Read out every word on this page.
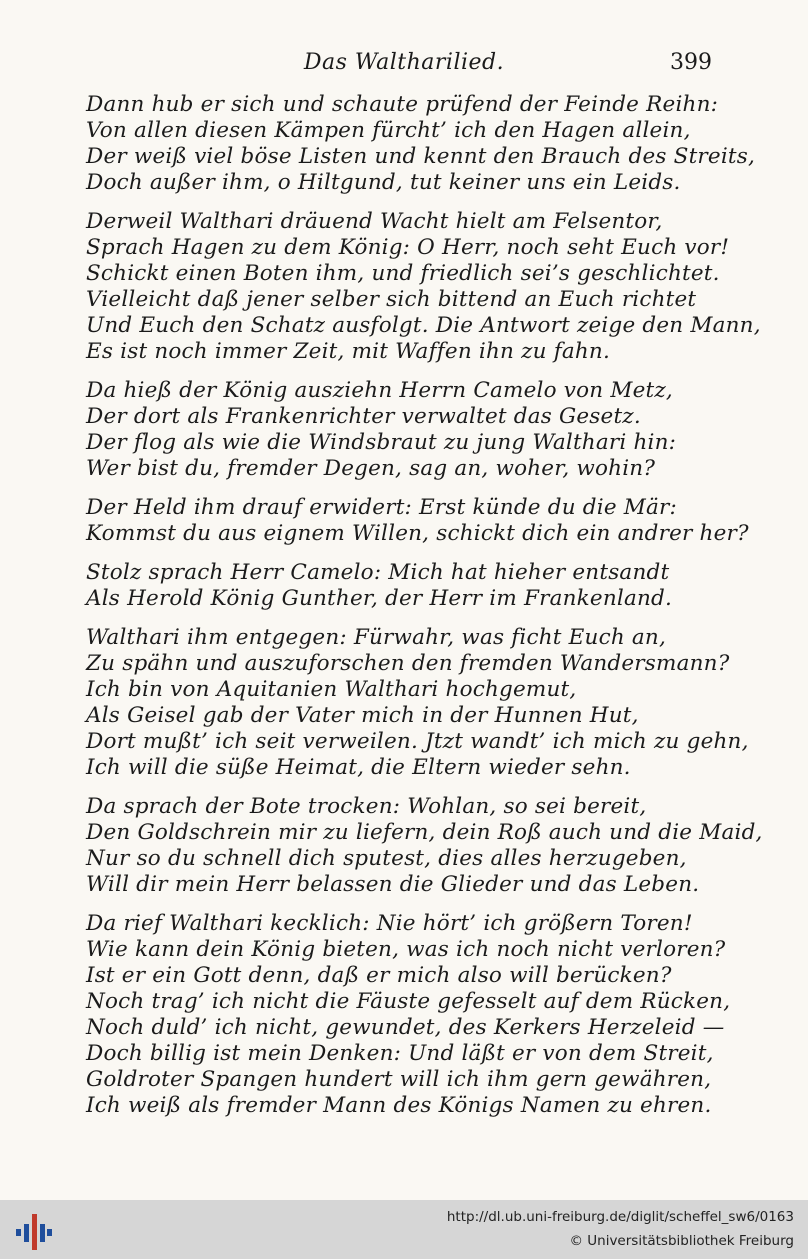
Das Waltharilied.	399
Dann hub er sich und schaute prüfend der Feinde Reihn:
Von allen diesen Kämpen fürcht’ ich den Hagen allein,
Der weiß viel böse Listen und kennt den Brauch des Streits,
Doch außer ihm, o Hiltgund, tut keiner uns ein Leids.
Derweil Walthari dräuend Wacht hielt am Felsentor,
Sprach Hagen zu dem König: O Herr, noch seht Euch vor!
Schickt einen Boten ihm, und friedlich sei’s geschlichtet.
Vielleicht daß jener selber sich bittend an Euch richtet
Und Euch den Schatz ausfolgt. Die Antwort zeige den Mann,
Es ist noch immer Zeit, mit Waffen ihn zu fahn.
Da hieß der König ausziehn Herrn Camelo von Metz,
Der dort als Frankenrichter verwaltet das Gesetz.
Der flog als wie die Windsbraut zu jung Walthari hin:
Wer bist du, fremder Degen, sag an, woher, wohin?
Der Held ihm drauf erwidert: Erst künde du die Mär:
Kommst du aus eignem Willen, schickt dich ein andrer her?
Stolz sprach Herr Camelo: Mich hat hieher entsandt
Als Herold König Gunther, der Herr im Frankenland.
Walthari ihm entgegen: Fürwahr, was ficht Euch an,
Zu spähn und auszuforschen den fremden Wandersmann?
Ich bin von Aquitanien Walthari hochgemut,
Als Geisel gab der Vater mich in der Hunnen Hut,
Dort mußt’ ich seit verweilen. Jtzt wandt’ ich mich zu gehn,
Ich will die süße Heimat, die Eltern wieder sehn.
Da sprach der Bote trocken: Wohlan, so sei bereit,
Den Goldschrein mir zu liefern, dein Roß auch und die Maid,
Nur so du schnell dich sputest, dies alles herzugeben,
Will dir mein Herr belassen die Glieder und das Leben.
Da rief Walthari kecklich: Nie hört’ ich größern Toren!
Wie kann dein König bieten, was ich noch nicht verloren?
Ist er ein Gott denn, daß er mich also will berücken?
Noch trag’ ich nicht die Fäuste gefesselt auf dem Rücken,
Noch duld’ ich nicht, gewundet, des Kerkers Herzeleid —
Doch billig ist mein Denken: Und läßt er von dem Streit,
Goldroter Spangen hundert will ich ihm gern gewähren,
Ich weiß als fremder Mann des Königs Namen zu ehren.
http://dl.ub.uni-freiburg.de/diglit/scheffel_sw6/0163
© Universitätsbibliothek Freiburg
